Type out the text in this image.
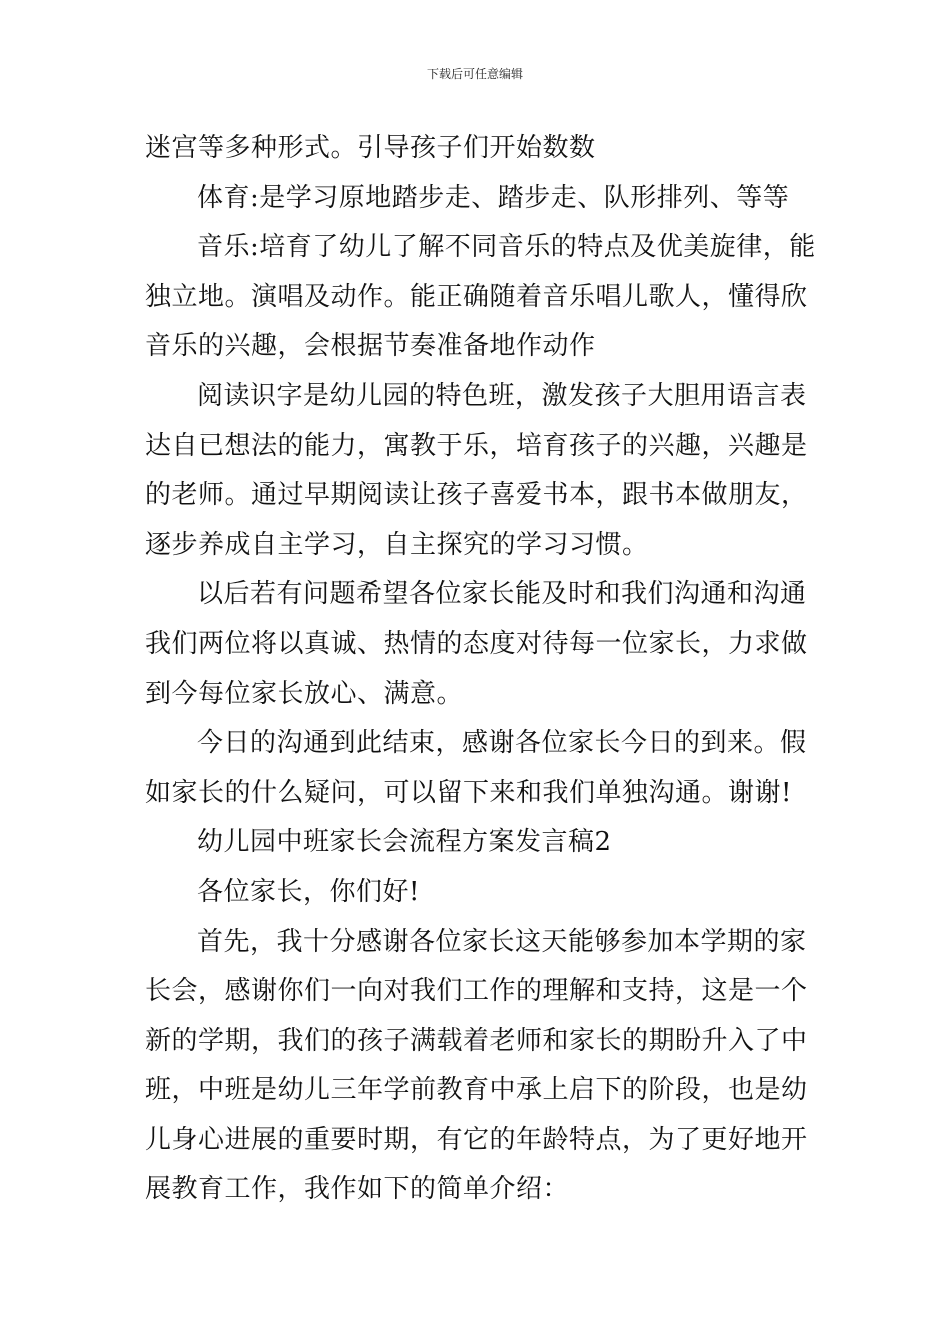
下载后可任意编辑

迷宫等多种形式。引导孩子们开始数数

体育:是学习原地踏步走、踏步走、队形排列、等等

音乐:培育了幼儿了解不同音乐的特点及优美旋律，能
独立地。演唱及动作。能正确随着音乐唱儿歌人，懂得欣
音乐的兴趣，会根据节奏准备地作动作

阅读识字是幼儿园的特色班，激发孩子大胆用语言表
达自已想法的能力，寓教于乐，培育孩子的兴趣，兴趣是
的老师。通过早期阅读让孩子喜爱书本，跟书本做朋友，
逐步养成自主学习，自主探究的学习习惯。

以后若有问题希望各位家长能及时和我们沟通和沟通
我们两位将以真诚、热情的态度对待每一位家长，力求做
到今每位家长放心、满意。

今日的沟通到此结束，感谢各位家长今日的到来。假
如家长的什么疑问，可以留下来和我们单独沟通。谢谢!

幼儿园中班家长会流程方案发言稿2

各位家长，你们好!

首先，我十分感谢各位家长这天能够参加本学期的家
长会，感谢你们一向对我们工作的理解和支持，这是一个
新的学期，我们的孩子满载着老师和家长的期盼升入了中
班，中班是幼儿三年学前教育中承上启下的阶段，也是幼
儿身心进展的重要时期，有它的年龄特点，为了更好地开
展教育工作，我作如下的简单介绍：
